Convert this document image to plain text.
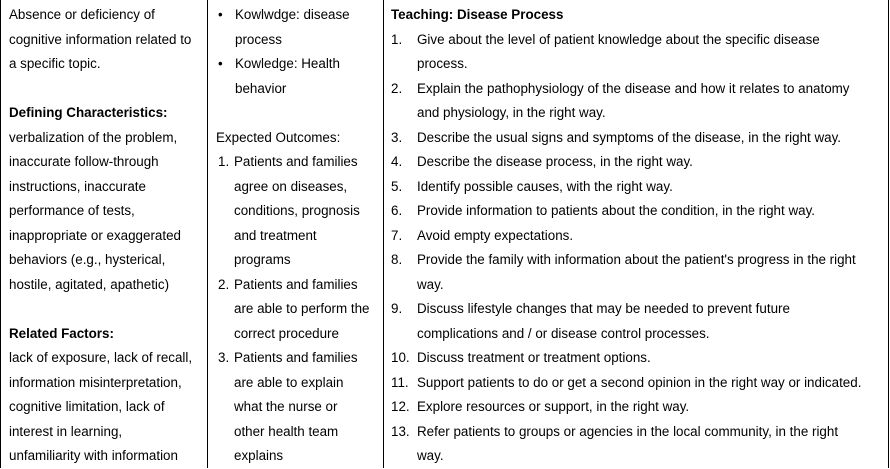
Absence or deficiency of
cognitive information related to
a specific topic.
Defining Characteristics:
verbalization of the problem,
inaccurate follow-through
instructions, inaccurate
performance of tests,
inappropriate or exaggerated
behaviors (e.g., hysterical,
hostile, agitated, apathetic)
Related Factors:
lack of exposure, lack of recall,
information misinterpretation,
cognitive limitation, lack of
interest in learning,
unfamiliarity with information
• Kowlwdge: disease
process
• Kowledge: Health
behavior
Expected Outcomes:
1. Patients and families
agree on diseases,
conditions, prognosis
and treatment
programs
2. Patients and families
are able to perform the
correct procedure
3. Patients and families
are able to explain
what the nurse or
other health team
explains
Teaching: Disease Process
1. Give about the level of patient knowledge about the specific disease
process.
2. Explain the pathophysiology of the disease and how it relates to anatomy
and physiology, in the right way.
3. Describe the usual signs and symptoms of the disease, in the right way.
4. Describe the disease process, in the right way.
5. Identify possible causes, with the right way.
6. Provide information to patients about the condition, in the right way.
7. Avoid empty expectations.
8. Provide the family with information about the patient's progress in the right
way.
9. Discuss lifestyle changes that may be needed to prevent future
complications and / or disease control processes.
10. Discuss treatment or treatment options.
11. Support patients to do or get a second opinion in the right way or indicated.
12. Explore resources or support, in the right way.
13. Refer patients to groups or agencies in the local community, in the right
way.
